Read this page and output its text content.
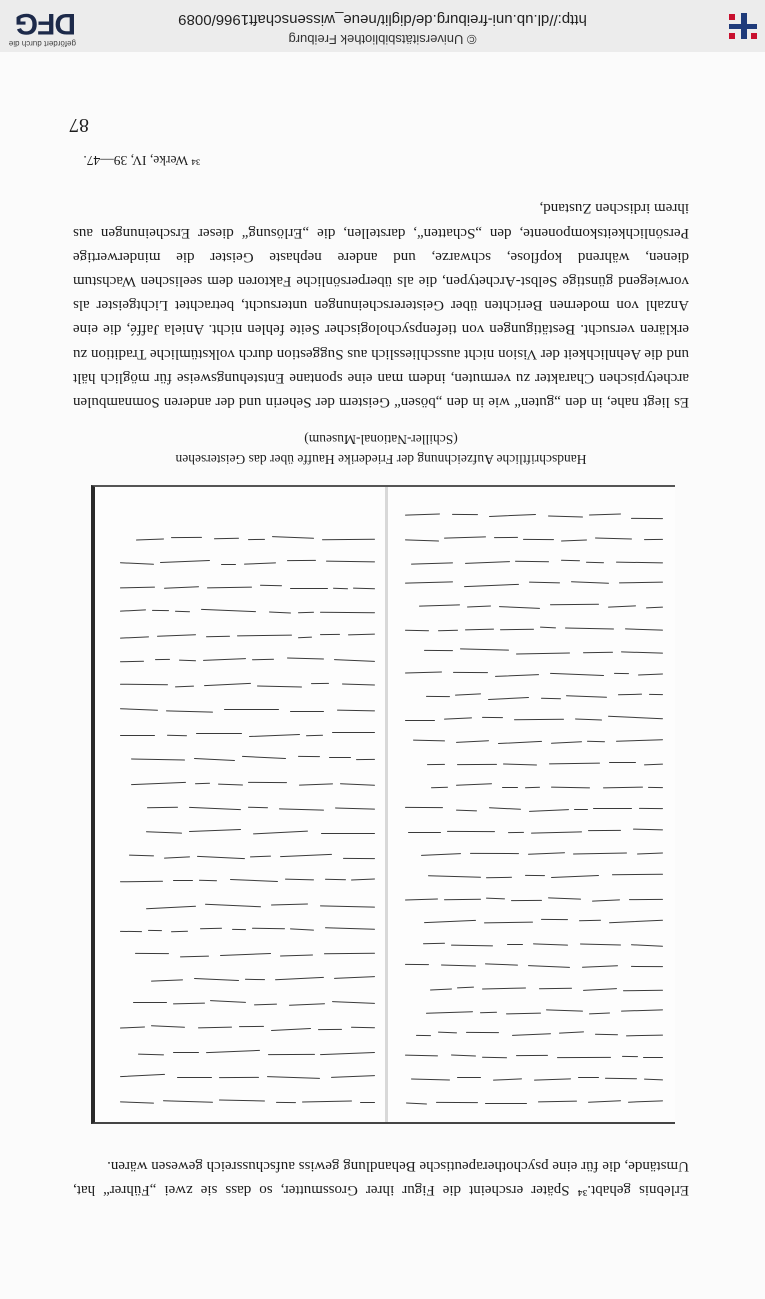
© Universitätsbibliothek Freiburg
http://dl.ub.uni-freiburg.de/diglit/neue_wissenschaft1966/0089
gefördert durch die
DFG
87
³⁴ Werke, IV, 39—47.
Es liegt nahe, in den „guten“ wie in den „bösen“ Geistern der Seherin und der anderen Somnambulen archetypischen Charakter zu vermuten, indem man eine spontane Entstehungsweise für möglich hält und die Aehnlichkeit der Vision nicht ausschliesslich aus Suggestion durch volkstümliche Tradition zu erklären versucht. Bestätigungen von tiefenpsychologischer Seite fehlen nicht. Aniela Jaffé, die eine Anzahl von modernen Berichten über Geistererscheinungen untersucht, betrachtet Lichtgeister als vorwiegend günstige Selbst-Archetypen, die als überpersönliche Faktoren dem seelischen Wachstum dienen, während kopflose, schwarze, und andere nephaste Geister die minderwertige Persönlichkeitskomponente, den „Schatten“, darstellen, die „Erlösung“ dieser Erscheinungen aus ihrem irdischen Zustand,
Handschriftliche Aufzeichnung der Friederike Hauffe über das Geistersehen
(Schiller-National-Museum)
Erlebnis gehabt.³⁴ Später erscheint die Figur ihrer Grossmutter, so dass sie zwei „Führer“ hat, Umstände, die für eine psychotherapeutische Behandlung gewiss aufschussreich gewesen wären.
